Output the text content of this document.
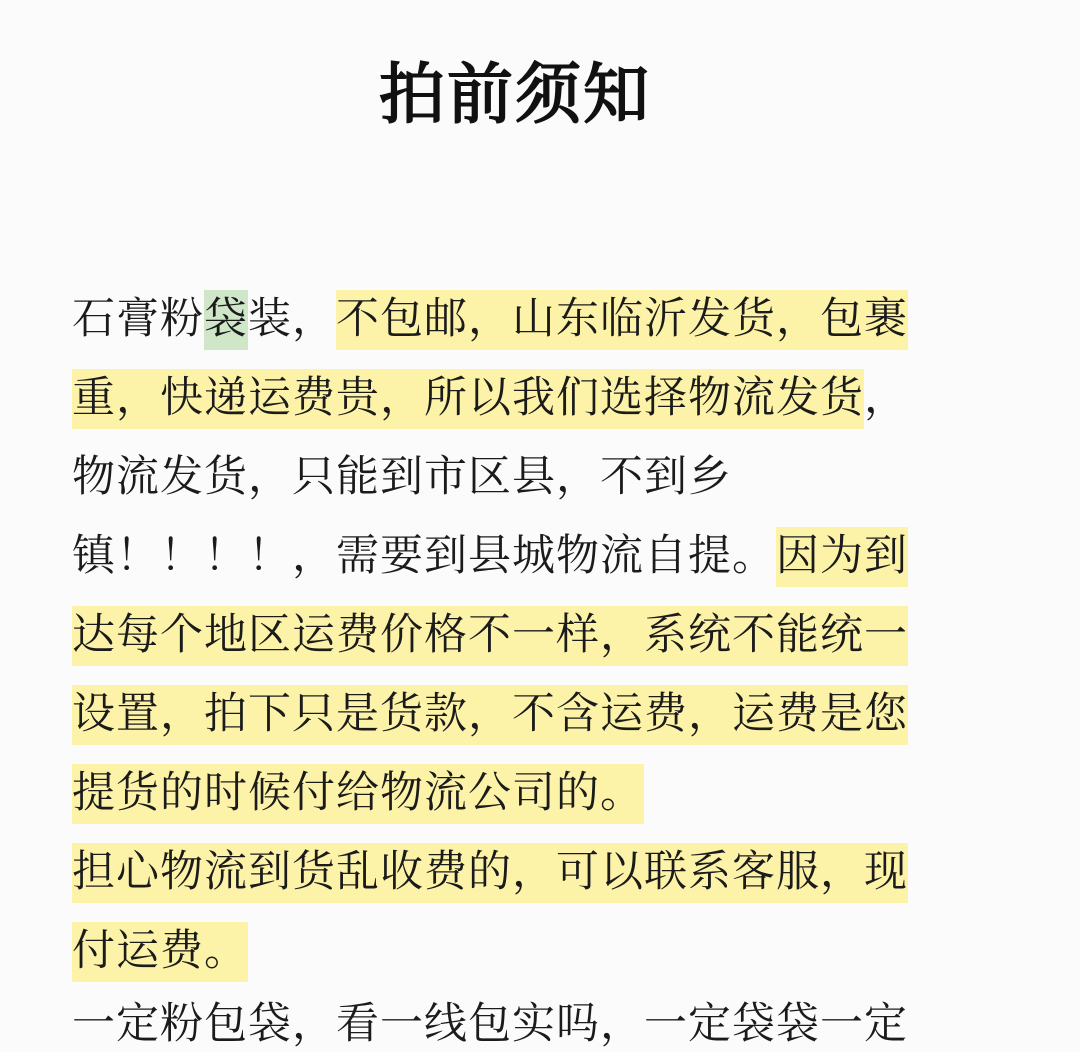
拍前须知
石膏粉袋装，不包邮，山东临沂发货，包裹
重，快递运费贵，所以我们选择物流发货，
物流发货，只能到市区县，不到乡
镇！！！！，需要到县城物流自提。因为到
达每个地区运费价格不一样，系统不能统一
设置，拍下只是货款，不含运费，运费是您
提货的时候付给物流公司的。
担心物流到货乱收费的，可以联系客服，现
付运费。
一定粉包袋，看一线包实吗，一定袋袋一定
